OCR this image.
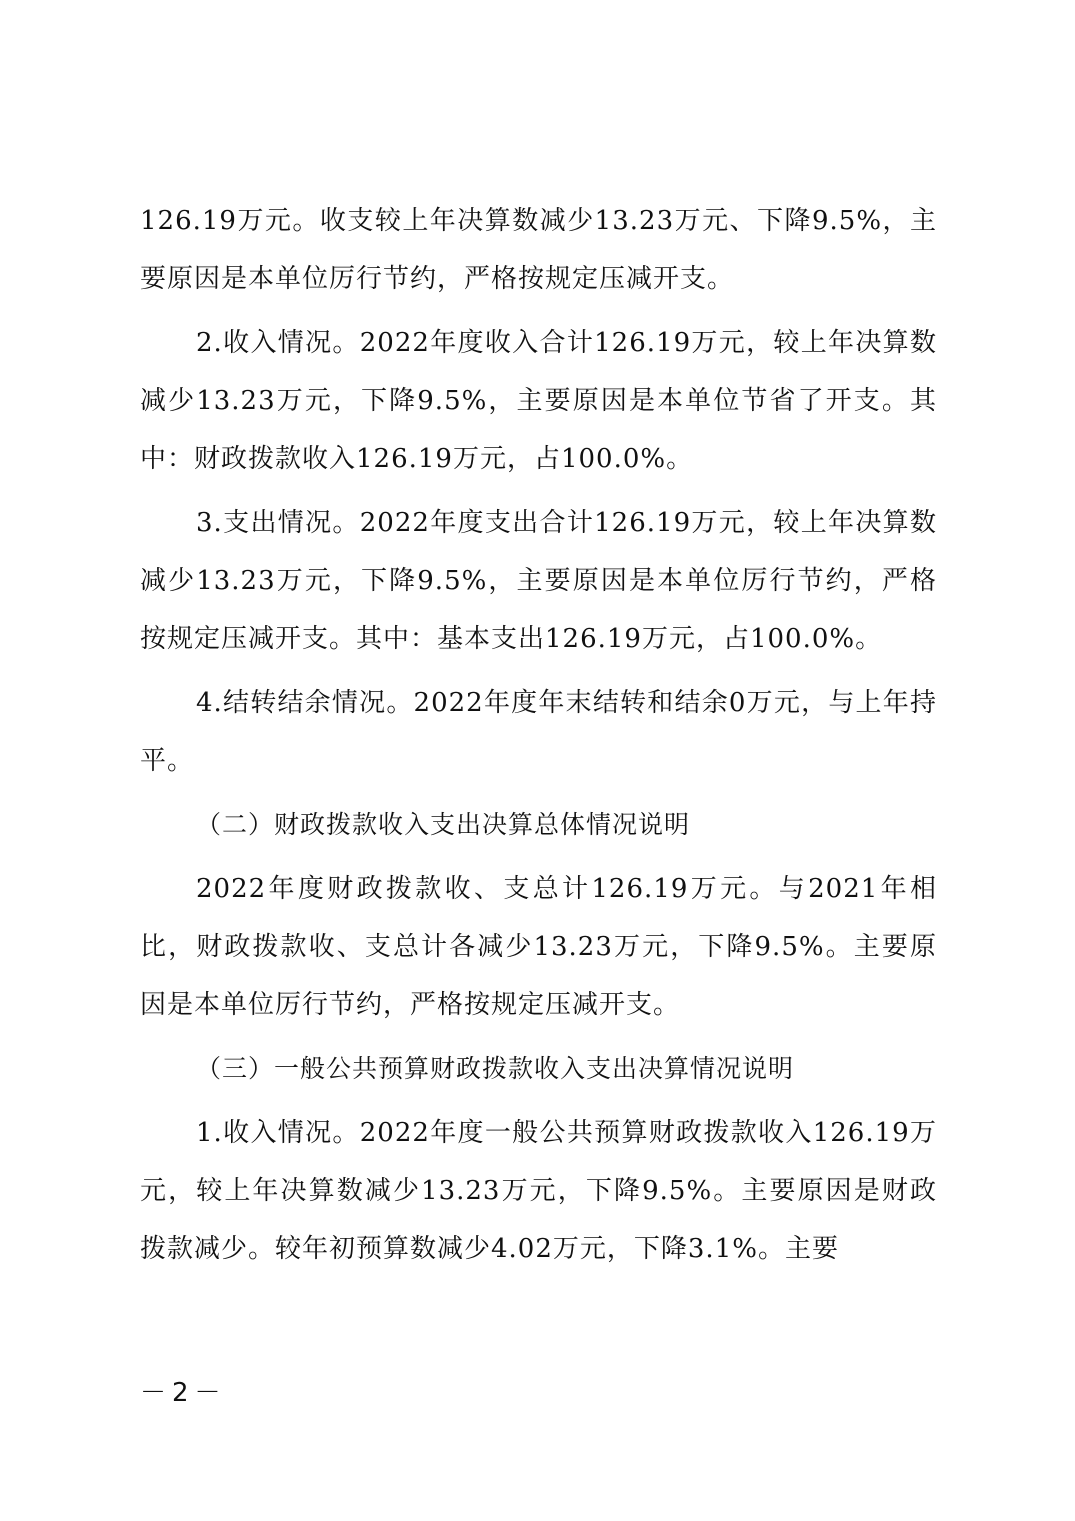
126.19万元。收支较上年决算数减少13.23万元、下降9.5%，主要原因是本单位厉行节约，严格按规定压减开支。

2.收入情况。2022年度收入合计126.19万元，较上年决算数减少13.23万元，下降9.5%，主要原因是本单位节省了开支。其中：财政拨款收入126.19万元，占100.0%。

3.支出情况。2022年度支出合计126.19万元，较上年决算数减少13.23万元，下降9.5%，主要原因是本单位厉行节约，严格按规定压减开支。其中：基本支出126.19万元，占100.0%。

4.结转结余情况。2022年度年末结转和结余0万元，与上年持平。

（二）财政拨款收入支出决算总体情况说明

2022年度财政拨款收、支总计126.19万元。与2021年相比，财政拨款收、支总计各减少13.23万元，下降9.5%。主要原因是本单位厉行节约，严格按规定压减开支。

（三）一般公共预算财政拨款收入支出决算情况说明

1.收入情况。2022年度一般公共预算财政拨款收入126.19万元，较上年决算数减少13.23万元，下降9.5%。主要原因是财政拨款减少。较年初预算数减少4.02万元，下降3.1%。主要

－2－
